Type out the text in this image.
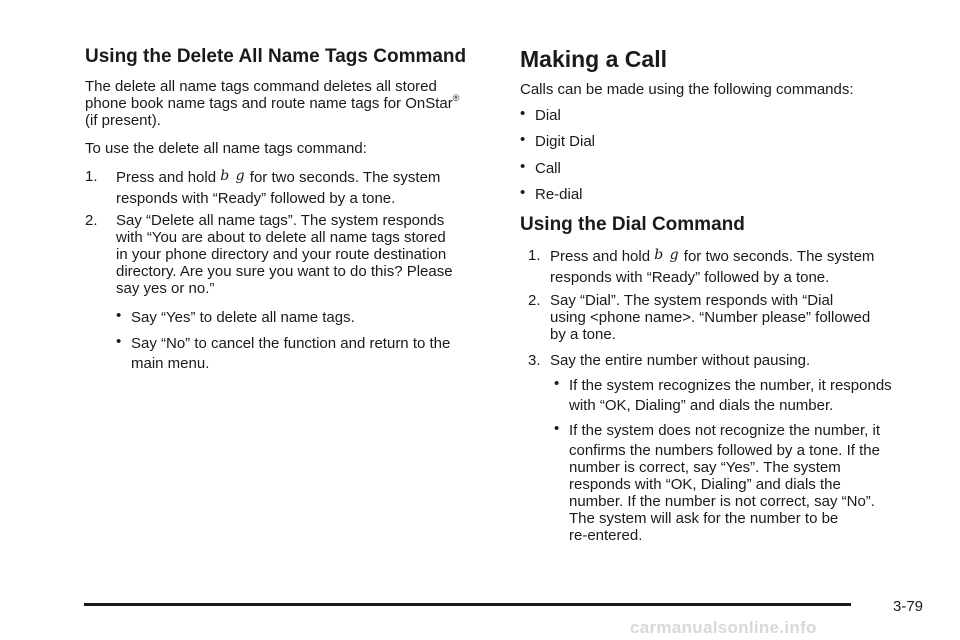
Using the Delete All Name Tags Command
The delete all name tags command deletes all stored
phone book name tags and route name tags for OnStar®
(if present).
To use the delete all name tags command:
1. Press and hold b g for two seconds. The system
responds with “Ready” followed by a tone.
2. Say “Delete all name tags”. The system responds
with “You are about to delete all name tags stored
in your phone directory and your route destination
directory. Are you sure you want to do this? Please
say yes or no.”
• Say “Yes” to delete all name tags.
• Say “No” to cancel the function and return to the
main menu.
Making a Call
Calls can be made using the following commands:
• Dial
• Digit Dial
• Call
• Re-dial
Using the Dial Command
1. Press and hold b g for two seconds. The system
responds with “Ready” followed by a tone.
2. Say “Dial”. The system responds with “Dial
using <phone name>. “Number please” followed
by a tone.
3. Say the entire number without pausing.
• If the system recognizes the number, it responds
with “OK, Dialing” and dials the number.
• If the system does not recognize the number, it
confirms the numbers followed by a tone. If the
number is correct, say “Yes”. The system
responds with “OK, Dialing” and dials the
number. If the number is not correct, say “No”.
The system will ask for the number to be
re-entered.
3-79
carmanualsonline.info
